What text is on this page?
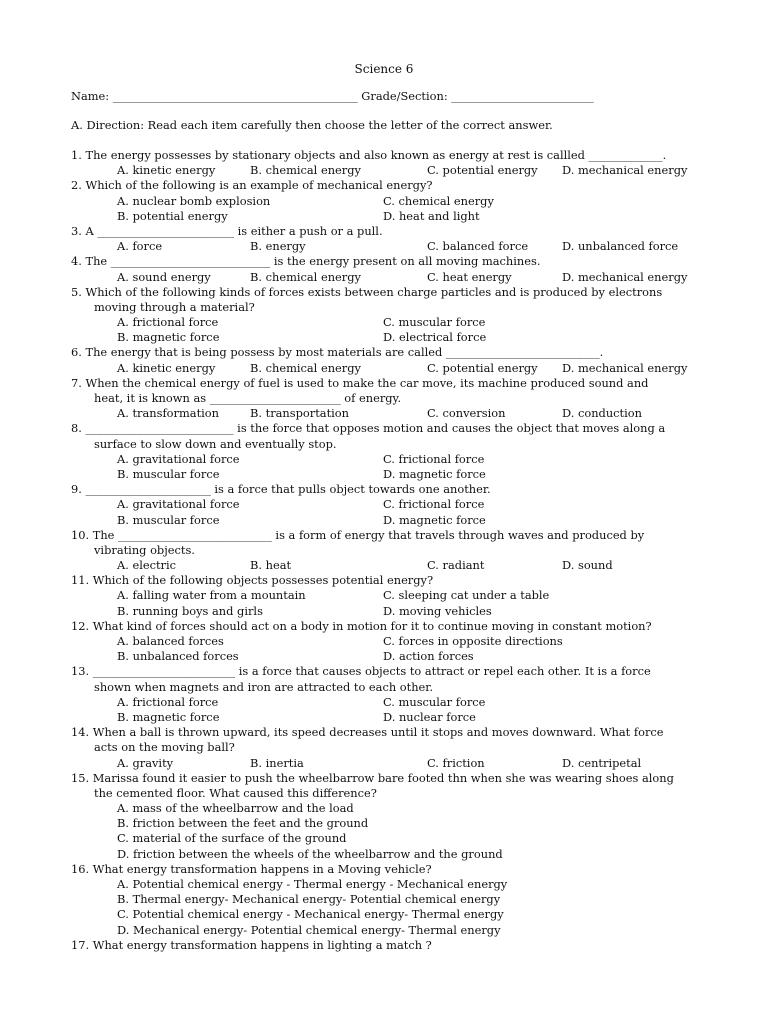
Science 6
Name: ___________________________________________ Grade/Section: _________________________
A. Direction: Read each item carefully then choose the letter of the correct answer.
1. The energy possesses by stationary objects and also known as energy at rest is callled _____________.
A. kinetic energy	B. chemical energy	C. potential energy D. mechanical energy
2. Which of the following is an example of mechanical energy?
A. nuclear bomb explosion	C. chemical energy
B. potential energy	D. heat and light
3. A ________________________ is either a push or a pull.
A. force	B. energy	C. balanced force	D. unbalanced force
4. The ____________________________ is the energy present on all moving machines.
A. sound energy	B. chemical energy	C. heat energy	D. mechanical energy
5. Which of the following kinds of forces exists between charge particles and is produced by electrons
moving through a material?
A. frictional force	C. muscular force
B. magnetic force	D. electrical force
6. The energy that is being possess by most materials are called ___________________________.
A. kinetic energy	B. chemical energy	C. potential energy D. mechanical energy
7. When the chemical energy of fuel is used to make the car move, its machine produced sound and
heat, it is known as _______________________ of energy.
A. transformation	B. transportation	C. conversion	D. conduction
8. __________________________ is the force that opposes motion and causes the object that moves along a
surface to slow down and eventually stop.
A. gravitational force	C. frictional force
B. muscular force	D. magnetic force
9. ______________________ is a force that pulls object towards one another.
A. gravitational force	C. frictional force
B. muscular force	D. magnetic force
10. The ___________________________ is a form of energy that travels through waves and produced by
vibrating objects.
A. electric	B. heat	C. radiant	D. sound
11. Which of the following objects possesses potential energy?
A. falling water from a mountain	C. sleeping cat under a table
B. running boys and girls	D. moving vehicles
12. What kind of forces should act on a body in motion for it to continue moving in constant motion?
A. balanced forces	C. forces in opposite directions
B. unbalanced forces	D. action forces
13. _________________________ is a force that causes objects to attract or repel each other. It is a force
shown when magnets and iron are attracted to each other.
A. frictional force	C. muscular force
B. magnetic force	D. nuclear force
14. When a ball is thrown upward, its speed decreases until it stops and moves downward. What force
acts on the moving ball?
A. gravity	B. inertia	C. friction	D. centripetal
15. Marissa found it easier to push the wheelbarrow bare footed thn when she was wearing shoes along
the cemented floor. What caused this difference?
A. mass of the wheelbarrow and the load
B. friction between the feet and the ground
C. material of the surface of the ground
D. friction between the wheels of the wheelbarrow and the ground
16. What energy transformation happens in a Moving vehicle?
A. Potential chemical energy - Thermal energy - Mechanical energy
B. Thermal energy- Mechanical energy- Potential chemical energy
C. Potential chemical energy - Mechanical energy- Thermal energy
D. Mechanical energy- Potential chemical energy- Thermal energy
17. What energy transformation happens in lighting a match ?
